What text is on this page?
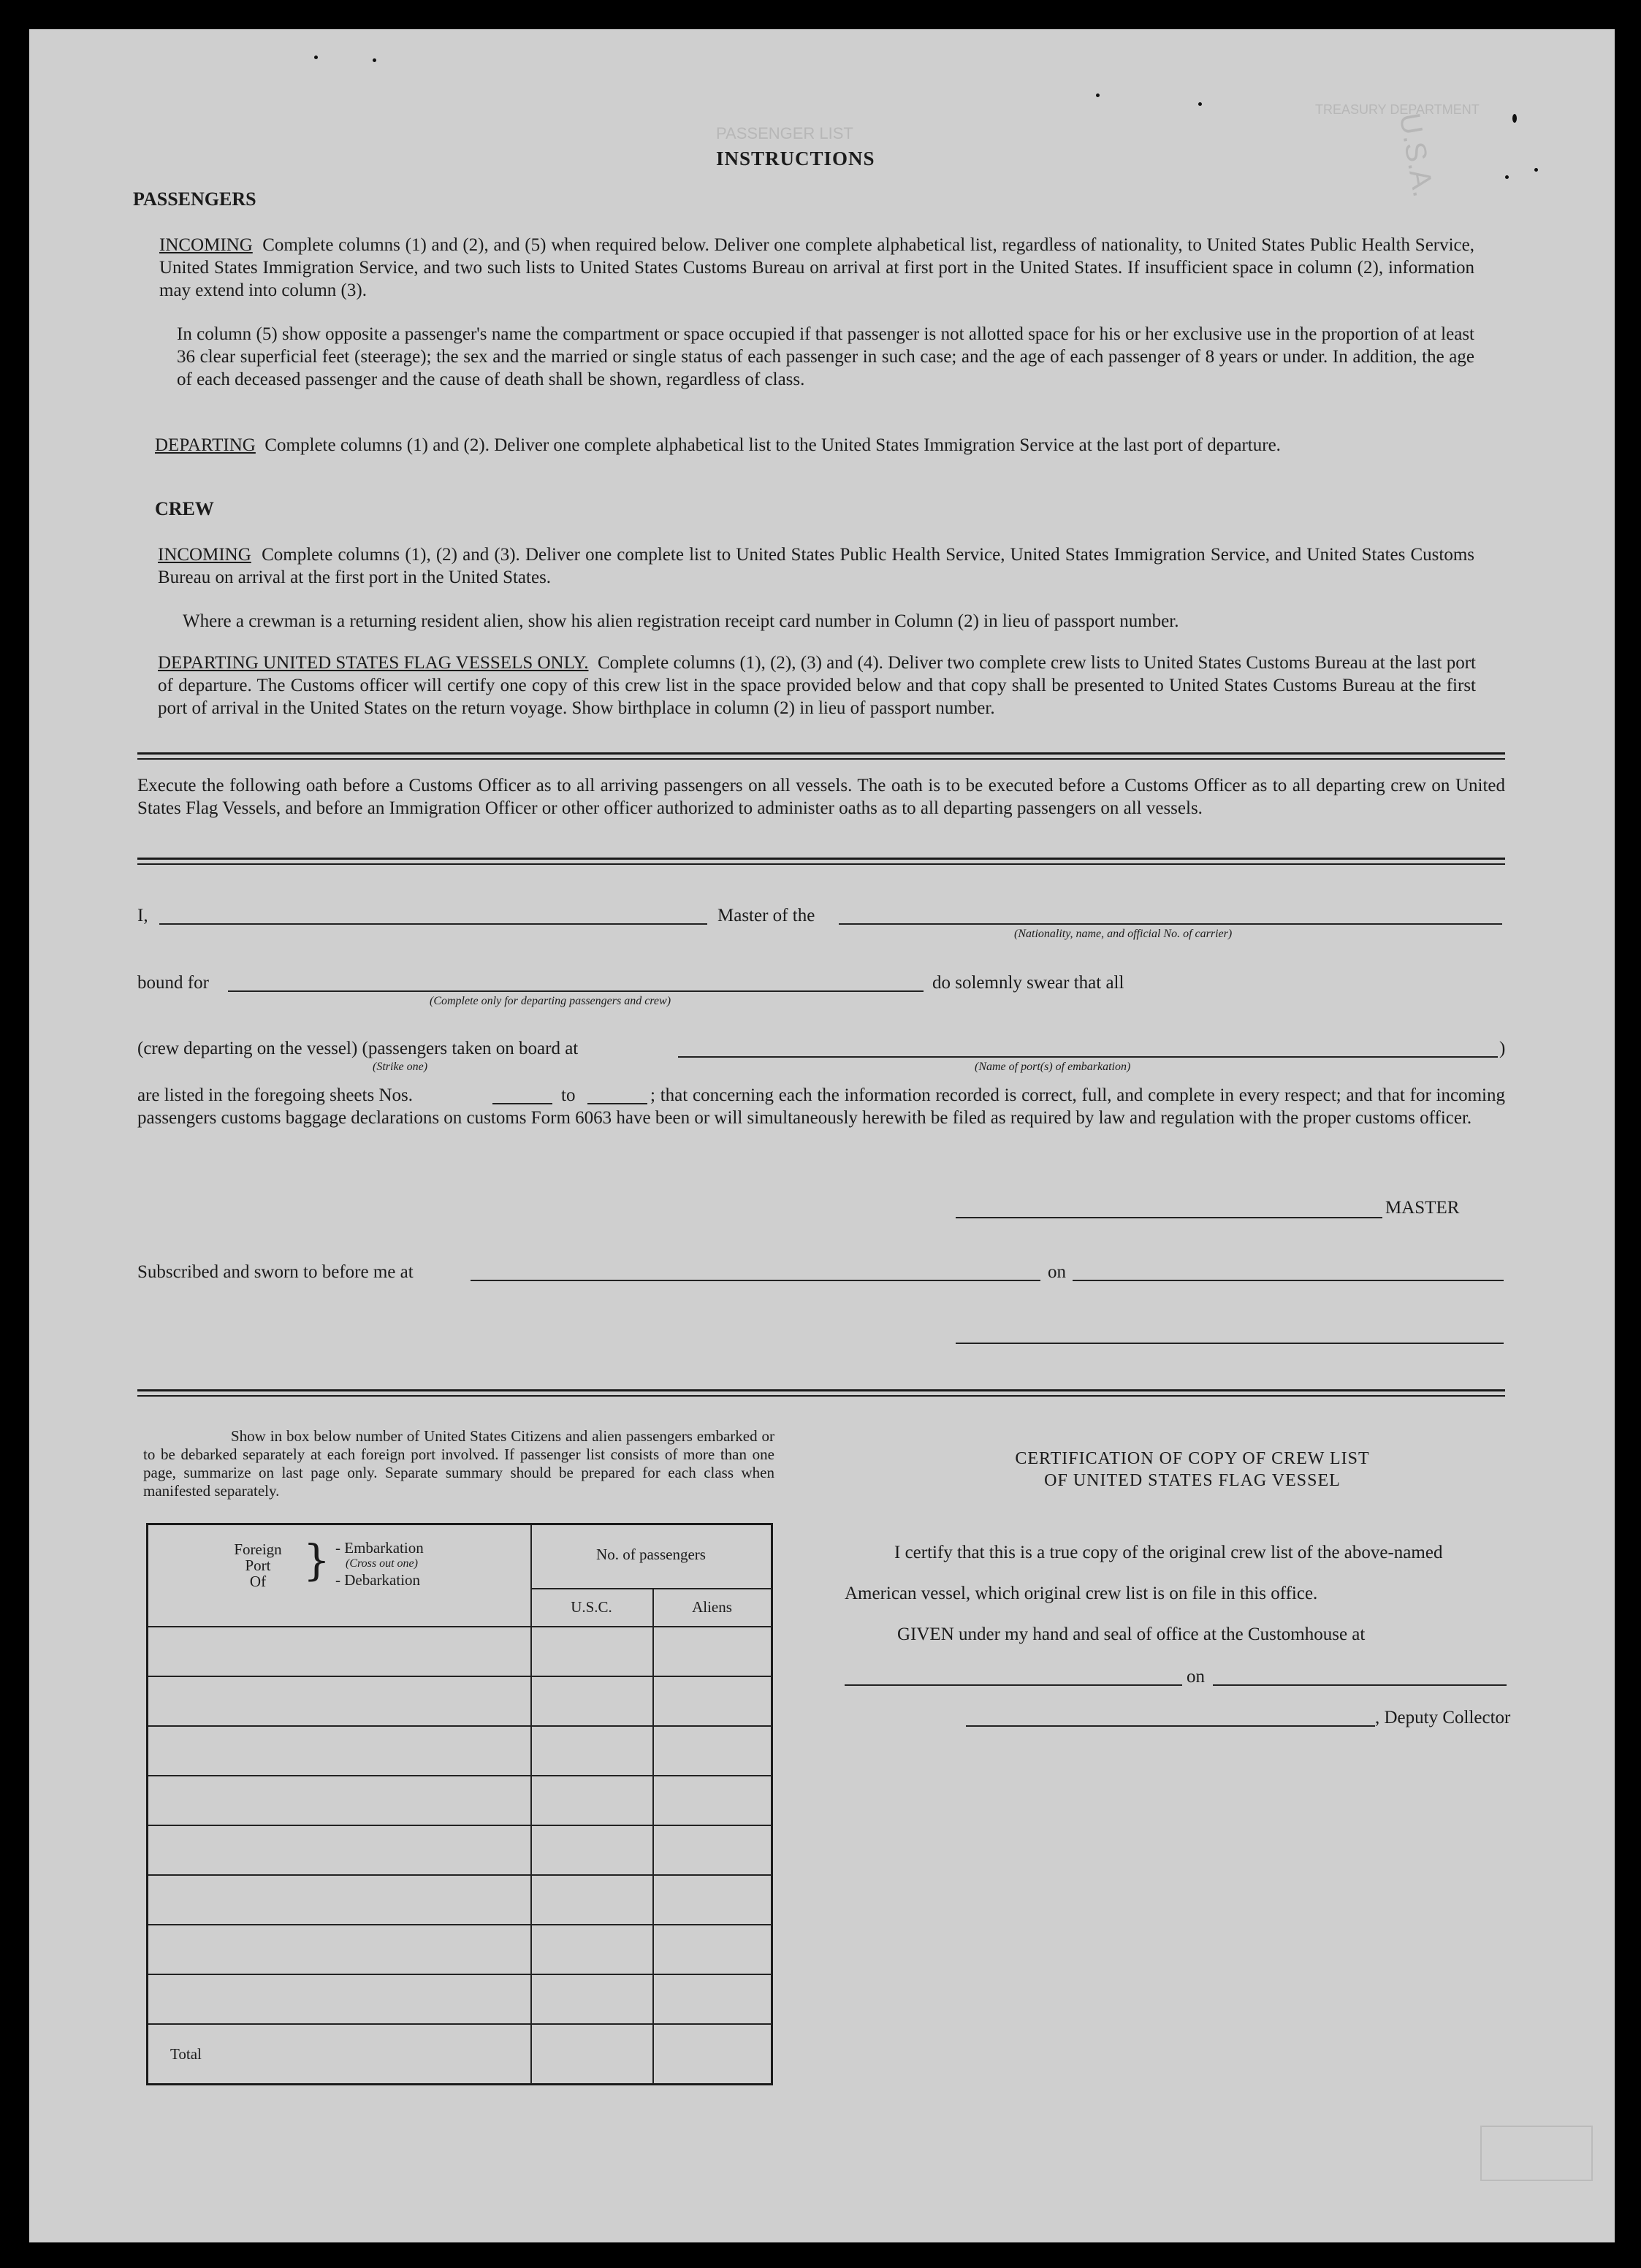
PASSENGER LIST
TREASURY DEPARTMENT
U.S.A.
INSTRUCTIONS
PASSENGERS
INCOMING Complete columns (1) and (2), and (5) when required below. Deliver one complete alphabetical list, regardless of nationality, to United States Public Health Service, United States Immigration Service, and two such lists to United States Customs Bureau on arrival at first port in the United States. If insufficient space in column (2), information may extend into column (3).
In column (5) show opposite a passenger's name the compartment or space occupied if that passenger is not allotted space for his or her exclusive use in the proportion of at least 36 clear superficial feet (steerage); the sex and the married or single status of each passenger in such case; and the age of each passenger of 8 years or under. In addition, the age of each deceased passenger and the cause of death shall be shown, regardless of class.
DEPARTING Complete columns (1) and (2). Deliver one complete alphabetical list to the United States Immigration Service at the last port of departure.
CREW
INCOMING Complete columns (1), (2) and (3). Deliver one complete list to United States Public Health Service, United States Immigration Service, and United States Customs Bureau on arrival at the first port in the United States.
Where a crewman is a returning resident alien, show his alien registration receipt card number in Column (2) in lieu of passport number.
DEPARTING UNITED STATES FLAG VESSELS ONLY. Complete columns (1), (2), (3) and (4). Deliver two complete crew lists to United States Customs Bureau at the last port of departure. The Customs officer will certify one copy of this crew list in the space provided below and that copy shall be presented to United States Customs Bureau at the first port of arrival in the United States on the return voyage. Show birthplace in column (2) in lieu of passport number.
Execute the following oath before a Customs Officer as to all arriving passengers on all vessels. The oath is to be executed before a Customs Officer as to all departing crew on United States Flag Vessels, and before an Immigration Officer or other officer authorized to administer oaths as to all departing passengers on all vessels.
I,	Master of the
(Nationality, name, and official No. of carrier)
bound for
(Complete only for departing passengers and crew)
do solemnly swear that all
(crew departing on the vessel) (passengers taken on board at
(Strike one)	(Name of port(s) of embarkation)
)
are listed in the foregoing sheets Nos.	to	; that concerning each the information recorded is correct, full, and complete in every respect; and that for incoming passengers customs baggage declarations on customs Form 6063 have been or will simultaneously herewith be filed as required by law and regulation with the proper customs officer.
MASTER
Subscribed and sworn to before me at	on
Show in box below number of United States Citizens and alien passengers embarked or to be debarked separately at each foreign port involved. If passenger list consists of more than one page, summarize on last page only. Separate summary should be prepared for each class when manifested separately.
Foreign
Port
Of } - Embarkation
(Cross out one)
- Debarkation
No. of passengers
U.S.C.	Aliens
Total
CERTIFICATION OF COPY OF CREW LIST
OF UNITED STATES FLAG VESSEL
I certify that this is a true copy of the original crew list of the above-named
American vessel, which original crew list is on file in this office.
GIVEN under my hand and seal of office at the Customhouse at
on
, Deputy Collector
